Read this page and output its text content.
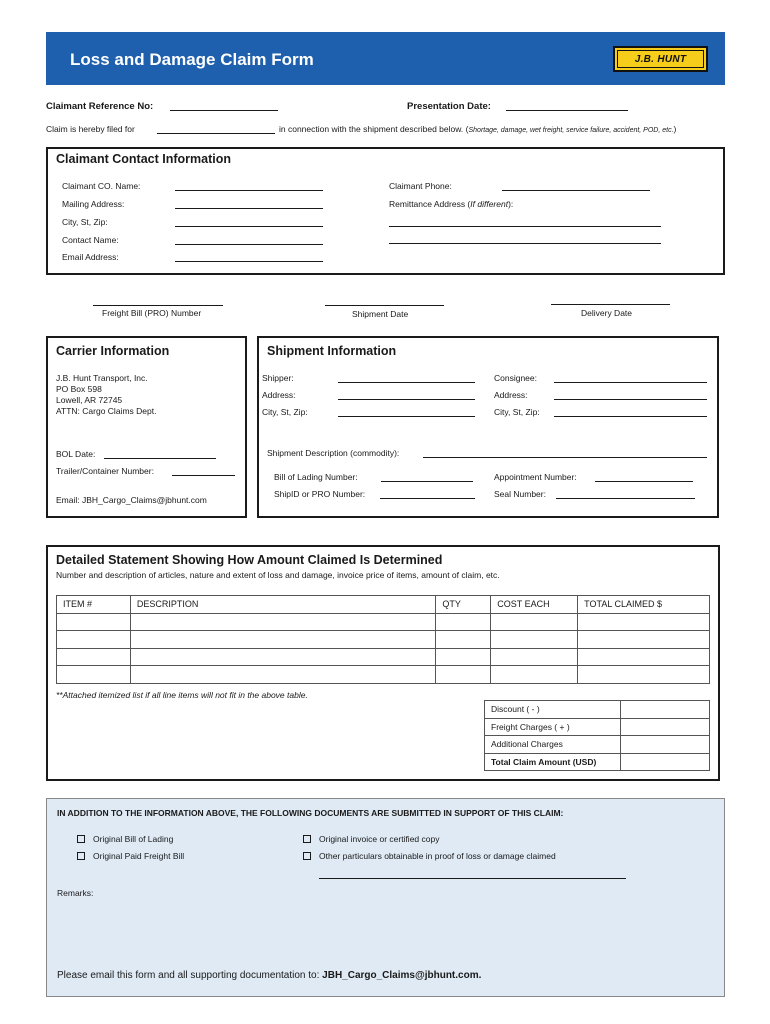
Loss and Damage Claim Form	J.B. HUNT
Claimant Reference No:	Presentation Date:
Claim is hereby filed for	in connection with the shipment described below. (Shortage, damage, wet freight, service failure, accident, POD, etc.)
Claimant Contact Information
Claimant CO. Name:
Mailing Address:
City, St, Zip:
Contact Name:
Email Address:
Claimant Phone:
Remittance Address (If different):
Freight Bill (PRO) Number	Shipment Date	Delivery Date
Carrier Information
J.B. Hunt Transport, Inc.
PO Box 598
Lowell, AR 72745
ATTN: Cargo Claims Dept.
BOL Date:
Trailer/Container Number:
Email: JBH_Cargo_Claims@jbhunt.com
Shipment Information
Shipper:
Address:
City, St, Zip:
Consignee:
Address:
City, St, Zip:
Shipment Description (commodity):
Bill of Lading Number:	Appointment Number:
ShipID or PRO Number:	Seal Number:
Detailed Statement Showing How Amount Claimed Is Determined
Number and description of articles, nature and extent of loss and damage, invoice price of items, amount of claim, etc.
ITEM #	DESCRIPTION	QTY	COST EACH	TOTAL CLAIMED $

**Attached itemized list if all line items will not fit in the above table.
Discount ( - )	
Freight Charges ( + )	
Additional Charges	
Total Claim Amount (USD)	
IN ADDITION TO THE INFORMATION ABOVE, THE FOLLOWING DOCUMENTS ARE SUBMITTED IN SUPPORT OF THIS CLAIM:
Original Bill of Lading
Original Paid Freight Bill
Original invoice or certified copy
Other particulars obtainable in proof of loss or damage claimed
Remarks:
Please email this form and all supporting documentation to: JBH_Cargo_Claims@jbhunt.com.
